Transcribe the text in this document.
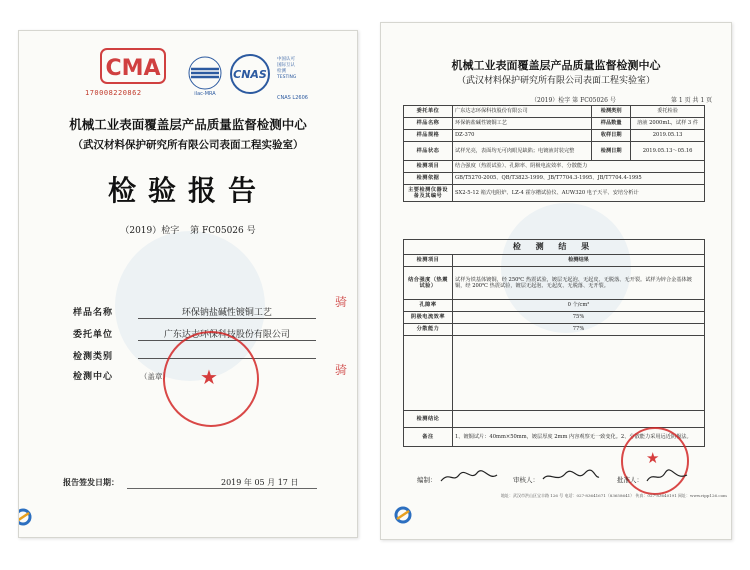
CMA
170008220862	ilac-MRA
CNAS
中国认可
国际互认
检测
TESTING
CNAS L2606
机械工业表面覆盖层产品质量监督检测中心
（武汉材料保护研究所有限公司表面工程实验室）
检验报告
（2019）检字 第 FC05026 号
样品名称	环保钠盐碱性镀铜工艺
委托单位	广东达志环保科技股份有限公司
检测类别
检测中心	（盖章） ★
骑
骑
报告签发日期：	2019 年 05 月 17 日
机械工业表面覆盖层产品质量监督检测中心
（武汉材料保护研究所有限公司表面工程实验室）
（2019）检字 第 FC05026 号	第 1 页 共 1 页
委托单位	广东达志环保科技股份有限公司	检测类别	委托检验
样品名称	环保钠盐碱性镀铜工艺	样品数量	溶液 2000mL，试样 3 件
样品规格	DZ-370	收样日期	2019.05.13
样品状态	试样光亮，表面均无可肉眼见缺陷；电镀液封装完整	检测日期	2019.05.13～05.16
检测项目	结合强度（热震试验）、孔隙率、阴极电流效率、分散能力		
检测依据	GB/T5270-2005、QB/T3823-1999、JB/T7704.3-1995、JB/T7704.4-1995		
主要检测仪器设备及其编号	SX2-5-12 箱式电阻炉、LZ-4 霍尔槽试验仪、AUW320 电子天平、安培分析计		
检 测 结 果	
检测项目	检测结果
结合强度（热震试验）	试样为铁基体镀铜，经 250℃ 热震试验，镀层无起泡、无起皮、无脱落、无开裂。试样为锌合金基体镀铜，经 200℃ 热震试验，镀层无起泡、无起皮、无脱落、无开裂。
孔隙率	0 个/cm²
阴极电流效率	75%
分散能力	77%

检测结论	
备注	1、镀铜试片：40mm×50mm，镀层厚度 2mm 内容观察无一致变化。2、分散能力采用远近阴极法。
★
编制：	审核人：	批准人：
地址：武汉市洪山区宝丰路 126 号 电话：027-83641671（83658641） 传真：027-83640191 网址：www.ripp126.com
